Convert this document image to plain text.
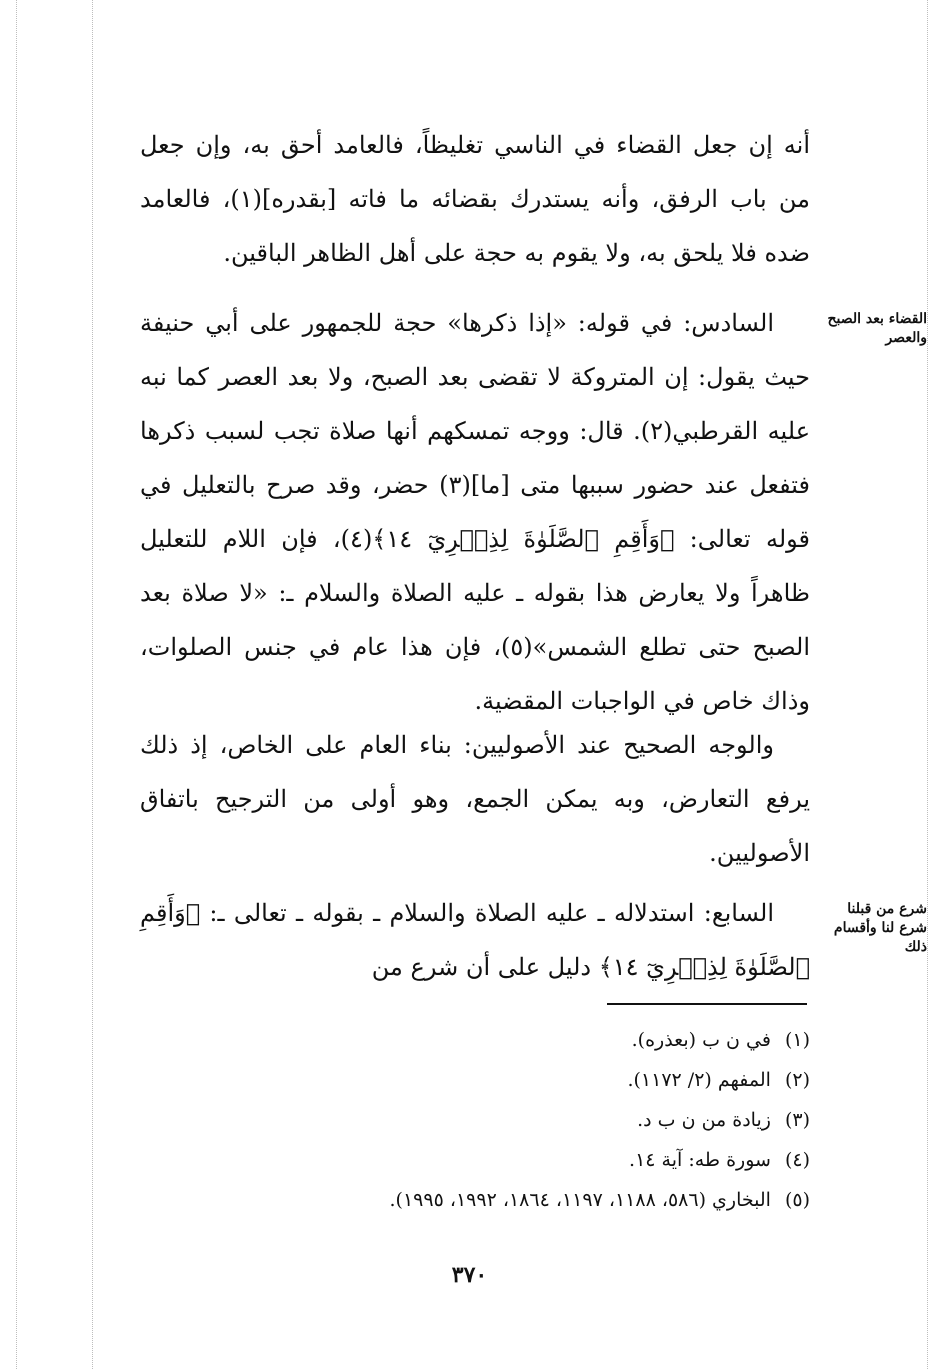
أنه إن جعل القضاء في الناسي تغليظاً، فالعامد أحق به، وإن جعل من باب الرفق، وأنه يستدرك بقضائه ما فاته [بقدره](١)، فالعامد ضده فلا يلحق به، ولا يقوم به حجة على أهل الظاهر الباقين.

القضاء بعد الصبح والعصر

السادس: في قوله: «إذا ذكرها» حجة للجمهور على أبي حنيفة حيث يقول: إن المتروكة لا تقضى بعد الصبح، ولا بعد العصر كما نبه عليه القرطبي(٢). قال: ووجه تمسكهم أنها صلاة تجب لسبب ذكرها فتفعل عند حضور سببها متى [ما](٣) حضر، وقد صرح بالتعليل في قوله تعالى: ﴿وَأَقِمِ ٱلصَّلَوٰةَ لِذِكۡرِيٓ ١٤﴾(٤)، فإن اللام للتعليل ظاهراً ولا يعارض هذا بقوله ـ عليه الصلاة والسلام ـ: «لا صلاة بعد الصبح حتى تطلع الشمس»(٥)، فإن هذا عام في جنس الصلوات، وذاك خاص في الواجبات المقضية.

والوجه الصحيح عند الأصوليين: بناء العام على الخاص، إذ ذلك يرفع التعارض، وبه يمكن الجمع، وهو أولى من الترجيح باتفاق الأصوليين.

شرع من قبلنا شرع لنا وأقسام ذلك

السابع: استدلاله ـ عليه الصلاة والسلام ـ بقوله ـ تعالى ـ: ﴿وَأَقِمِ ٱلصَّلَوٰةَ لِذِكۡرِيٓ ١٤﴾ دليل على أن شرع من

(١)في ن ب (بعذره).
(٢)المفهم (٢/ ١١٧٢).
(٣)زيادة من ن ب د.
(٤)سورة طه: آية ١٤.
(٥)البخاري (٥٨٦، ١١٨٨، ١١٩٧، ١٨٦٤، ١٩٩٢، ١٩٩٥).
٣٧٠
